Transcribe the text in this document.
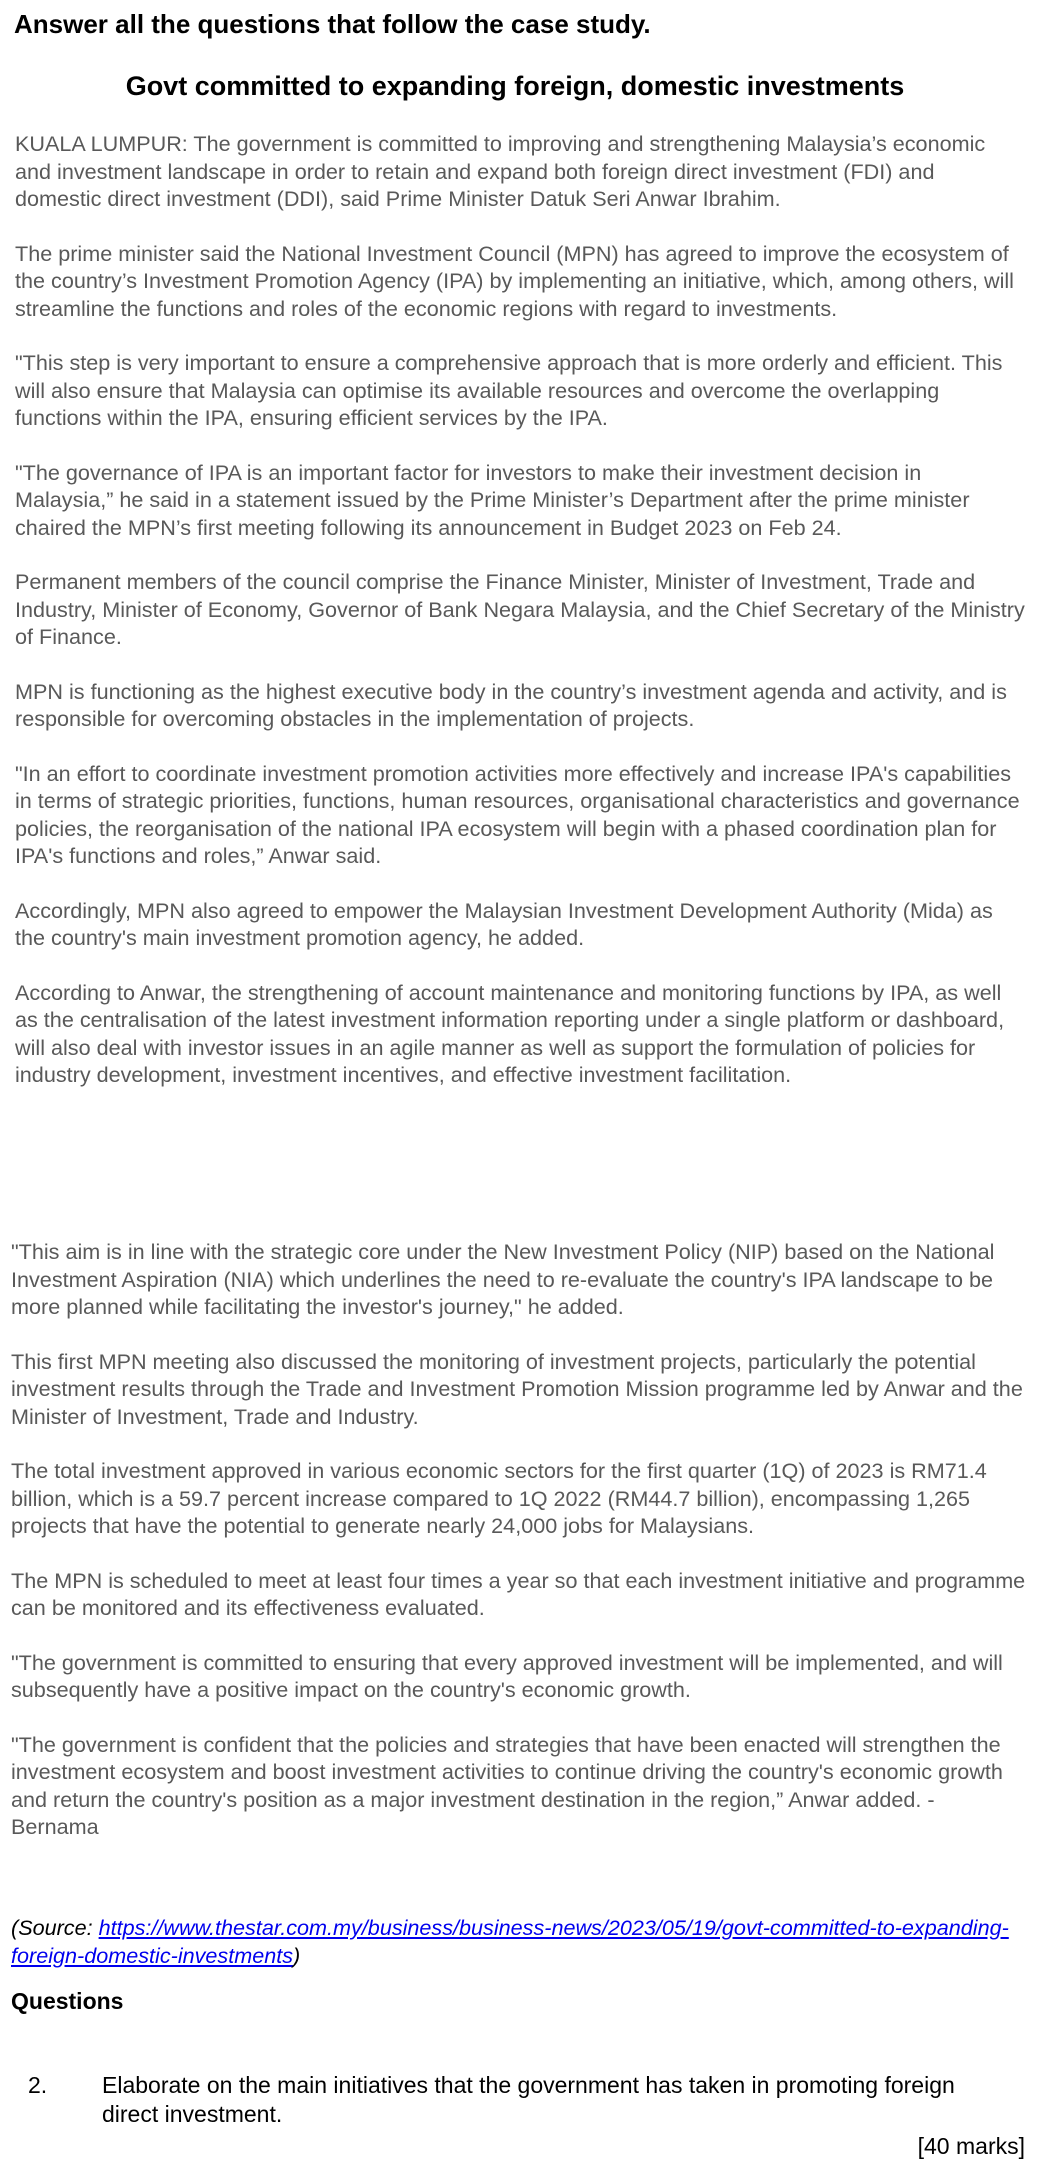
Answer all the questions that follow the case study.
Govt committed to expanding foreign, domestic investments

KUALA LUMPUR: The government is committed to improving and strengthening Malaysia’s economic and investment landscape in order to retain and expand both foreign direct investment (FDI) and domestic direct investment (DDI), said Prime Minister Datuk Seri Anwar Ibrahim.

The prime minister said the National Investment Council (MPN) has agreed to improve the ecosystem of the country’s Investment Promotion Agency (IPA) by implementing an initiative, which, among others, will streamline the functions and roles of the economic regions with regard to investments.

"This step is very important to ensure a comprehensive approach that is more orderly and efficient. This will also ensure that Malaysia can optimise its available resources and overcome the overlapping functions within the IPA, ensuring efficient services by the IPA.

"The governance of IPA is an important factor for investors to make their investment decision in Malaysia,” he said in a statement issued by the Prime Minister’s Department after the prime minister chaired the MPN’s first meeting following its announcement in Budget 2023 on Feb 24.

Permanent members of the council comprise the Finance Minister, Minister of Investment, Trade and Industry, Minister of Economy, Governor of Bank Negara Malaysia, and the Chief Secretary of the Ministry of Finance.

MPN is functioning as the highest executive body in the country’s investment agenda and activity, and is responsible for overcoming obstacles in the implementation of projects.

"In an effort to coordinate investment promotion activities more effectively and increase IPA's capabilities in terms of strategic priorities, functions, human resources, organisational characteristics and governance policies, the reorganisation of the national IPA ecosystem will begin with a phased coordination plan for IPA's functions and roles,” Anwar said.

Accordingly, MPN also agreed to empower the Malaysian Investment Development Authority (Mida) as the country's main investment promotion agency, he added.

According to Anwar, the strengthening of account maintenance and monitoring functions by IPA, as well as the centralisation of the latest investment information reporting under a single platform or dashboard, will also deal with investor issues in an agile manner as well as support the formulation of policies for industry development, investment incentives, and effective investment facilitation.

"This aim is in line with the strategic core under the New Investment Policy (NIP) based on the National Investment Aspiration (NIA) which underlines the need to re-evaluate the country's IPA landscape to be more planned while facilitating the investor's journey," he added.

This first MPN meeting also discussed the monitoring of investment projects, particularly the potential investment results through the Trade and Investment Promotion Mission programme led by Anwar and the Minister of Investment, Trade and Industry.

The total investment approved in various economic sectors for the first quarter (1Q) of 2023 is RM71.4 billion, which is a 59.7 percent increase compared to 1Q 2022 (RM44.7 billion), encompassing 1,265 projects that have the potential to generate nearly 24,000 jobs for Malaysians.

The MPN is scheduled to meet at least four times a year so that each investment initiative and programme can be monitored and its effectiveness evaluated.

"The government is committed to ensuring that every approved investment will be implemented, and will subsequently have a positive impact on the country's economic growth.

"The government is confident that the policies and strategies that have been enacted will strengthen the investment ecosystem and boost investment activities to continue driving the country's economic growth and return the country's position as a major investment destination in the region,” Anwar added. - Bernama

(Source: https://www.thestar.com.my/business/business-news/2023/05/19/govt-committed-to-expanding-foreign-domestic-investments)

Questions
2. Elaborate on the main initiatives that the government has taken in promoting foreign direct investment.

[40 marks]
